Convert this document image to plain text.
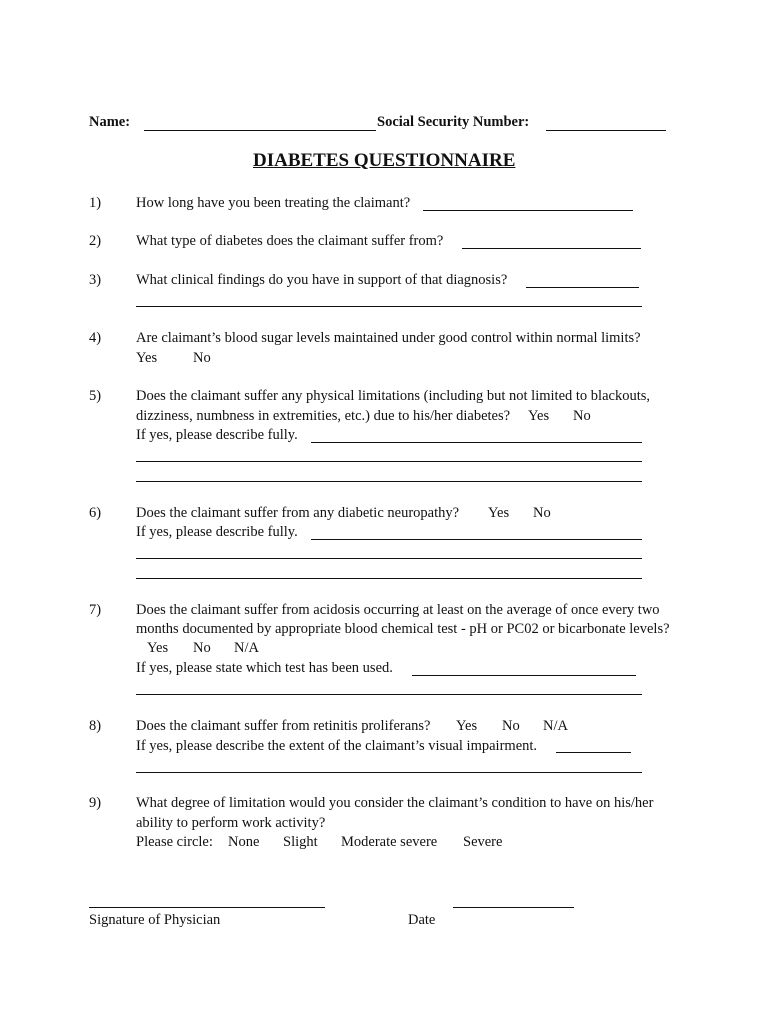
Name:	Social Security Number:
DIABETES QUESTIONNAIRE
1) How long have you been treating the claimant?
2) What type of diabetes does the claimant suffer from?
3) What clinical findings do you have in support of that diagnosis?
4) Are claimant’s blood sugar levels maintained under good control within normal limits?
Yes No
5) Does the claimant suffer any physical limitations (including but not limited to blackouts,
dizziness, numbness in extremities, etc.) due to his/her diabetes? Yes No
If yes, please describe fully.
6) Does the claimant suffer from any diabetic neuropathy? Yes No
If yes, please describe fully.
7) Does the claimant suffer from acidosis occurring at least on the average of once every two
months documented by appropriate blood chemical test - pH or PC02 or bicarbonate levels?
Yes No N/A
If yes, please state which test has been used.
8) Does the claimant suffer from retinitis proliferans? Yes No N/A
If yes, please describe the extent of the claimant’s visual impairment.
9) What degree of limitation would you consider the claimant’s condition to have on his/her
ability to perform work activity?
Please circle: None Slight Moderate severe Severe
Signature of Physician	Date
